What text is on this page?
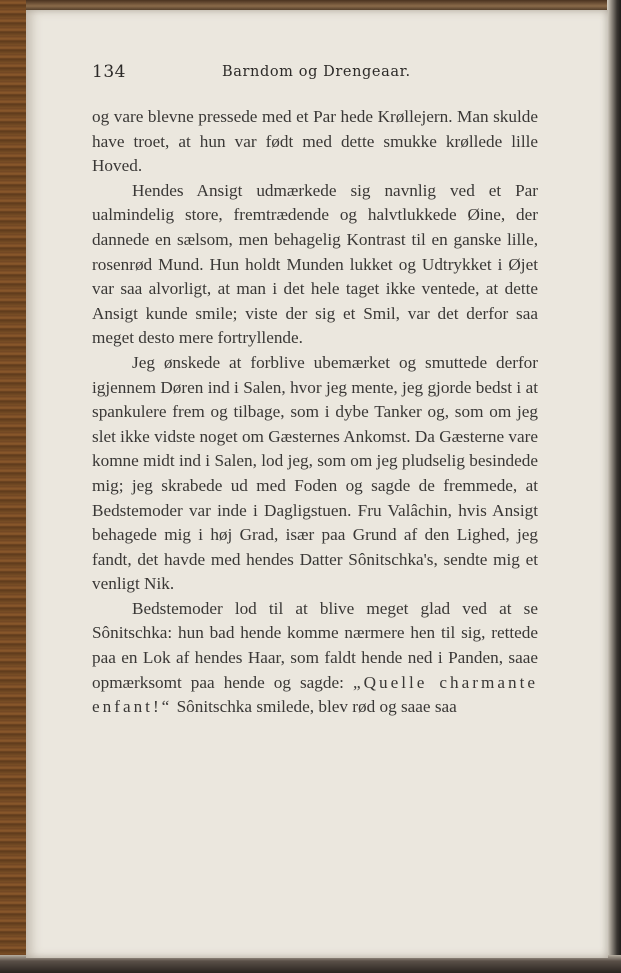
134	Barndom og Drengeaar.

og vare blevne pressede med et Par hede Krøllejern. Man skulde have troet, at hun var født med dette smukke krøllede lille Hoved.

Hendes Ansigt udmærkede sig navnlig ved et Par ualmindelig store, fremtrædende og halvtlukkede Øine, der dannede en sælsom, men behagelig Kontrast til en ganske lille, rosenrød Mund. Hun holdt Munden lukket og Udtrykket i Øjet var saa alvorligt, at man i det hele taget ikke ventede, at dette Ansigt kunde smile; viste der sig et Smil, var det derfor saa meget desto mere fortryllende.

Jeg ønskede at forblive ubemærket og smuttede derfor igjennem Døren ind i Salen, hvor jeg mente, jeg gjorde bedst i at spankulere frem og tilbage, som i dybe Tanker og, som om jeg slet ikke vidste noget om Gæsternes Ankomst. Da Gæsterne vare komne midt ind i Salen, lod jeg, som om jeg pludselig besindede mig; jeg skrabede ud med Foden og sagde de fremmede, at Bedstemoder var inde i Dagligstuen. Fru Valâchin, hvis Ansigt behagede mig i høj Grad, især paa Grund af den Lighed, jeg fandt, det havde med hendes Datter Sônitschka's, sendte mig et venligt Nik.

Bedstemoder lod til at blive meget glad ved at se Sônitschka: hun bad hende komme nærmere hen til sig, rettede paa en Lok af hendes Haar, som faldt hende ned i Panden, saae opmærksomt paa hende og sagde: „Quelle charmante enfant!“ Sônitschka smilede, blev rød og saae saa
